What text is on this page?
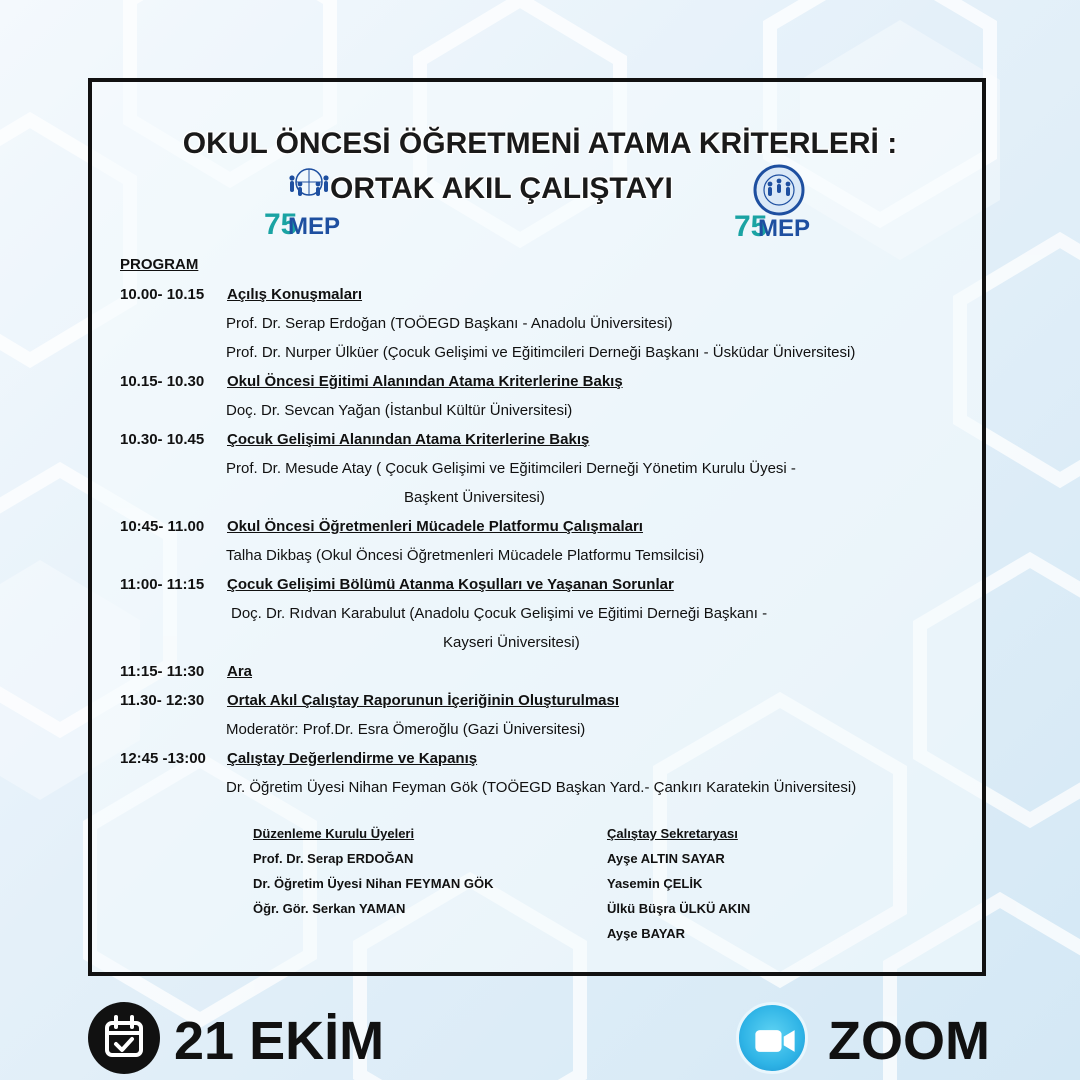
OKUL ÖNCESİ ÖĞRETMENİ ATAMA KRİTERLERİ :
ORTAK AKIL ÇALIŞTAYI
75
MEP	75
MEP
PROGRAM
10.00- 10.15 Açılış Konuşmaları
Prof. Dr. Serap Erdoğan (TOÖEGD Başkanı - Anadolu Üniversitesi)
Prof. Dr. Nurper Ülküer (Çocuk Gelişimi ve Eğitimcileri Derneği Başkanı - Üsküdar Üniversitesi)
10.15- 10.30 Okul Öncesi Eğitimi Alanından Atama Kriterlerine Bakış
Doç. Dr. Sevcan Yağan (İstanbul Kültür Üniversitesi)
10.30- 10.45 Çocuk Gelişimi Alanından Atama Kriterlerine Bakış
Prof. Dr. Mesude Atay ( Çocuk Gelişimi ve Eğitimcileri Derneği Yönetim Kurulu Üyesi -
Başkent Üniversitesi)
10:45- 11.00 Okul Öncesi Öğretmenleri Mücadele Platformu Çalışmaları
Talha Dikbaş (Okul Öncesi Öğretmenleri Mücadele Platformu Temsilcisi)
11:00- 11:15 Çocuk Gelişimi Bölümü Atanma Koşulları ve Yaşanan Sorunlar
Doç. Dr. Rıdvan Karabulut (Anadolu Çocuk Gelişimi ve Eğitimi Derneği Başkanı -
Kayseri Üniversitesi)
11:15- 11:30 Ara
11.30- 12:30 Ortak Akıl Çalıştay Raporunun İçeriğinin Oluşturulması
Moderatör: Prof.Dr. Esra Ömeroğlu (Gazi Üniversitesi)
12:45 -13:00 Çalıştay Değerlendirme ve Kapanış
Dr. Öğretim Üyesi Nihan Feyman Gök (TOÖEGD Başkan Yard.- Çankırı Karatekin Üniversitesi)
Düzenleme Kurulu Üyeleri
Prof. Dr. Serap ERDOĞAN
Dr. Öğretim Üyesi Nihan FEYMAN GÖK
Öğr. Gör. Serkan YAMAN
Çalıştay Sekretaryası
Ayşe ALTIN SAYAR
Yasemin ÇELİK
Ülkü Büşra ÜLKÜ AKIN
Ayşe BAYAR
21 EKİM	ZOOM
